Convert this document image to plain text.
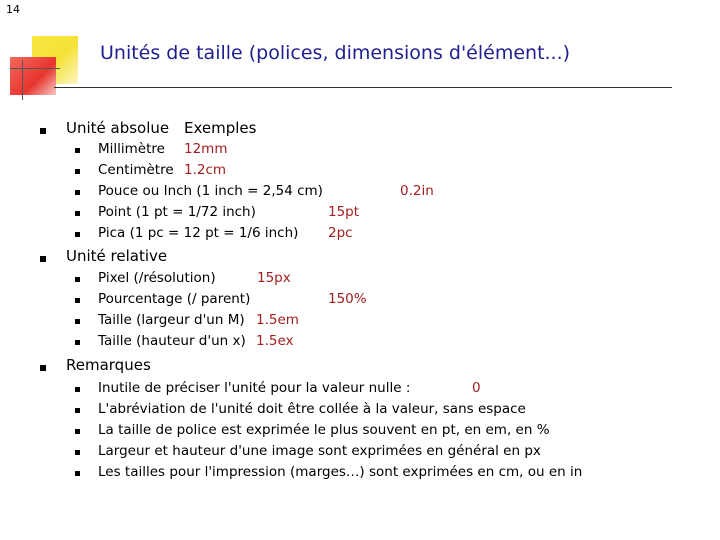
14
Unités de taille (polices, dimensions d'élément...)
Unité absolue Exemples
Millimètre 12mm
Centimètre 1.2cm
Pouce ou Inch (1 inch = 2,54 cm)	0.2in
Point (1 pt = 1/72 inch)	15pt
Pica (1 pc = 12 pt = 1/6 inch) 2pc
Unité relative
Pixel (/résolution)	15px
Pourcentage (/ parent)	150%
Taille (largeur d'un M) 1.5em
Taille (hauteur d'un x) 1.5ex
Remarques
Inutile de préciser l'unité pour la valeur nulle :	0
L'abréviation de l'unité doit être collée à la valeur, sans espace
La taille de police est exprimée le plus souvent en pt, en em, en %
Largeur et hauteur d'une image sont exprimées en général en px
Les tailles pour l'impression (marges…) sont exprimées en cm, ou en in
